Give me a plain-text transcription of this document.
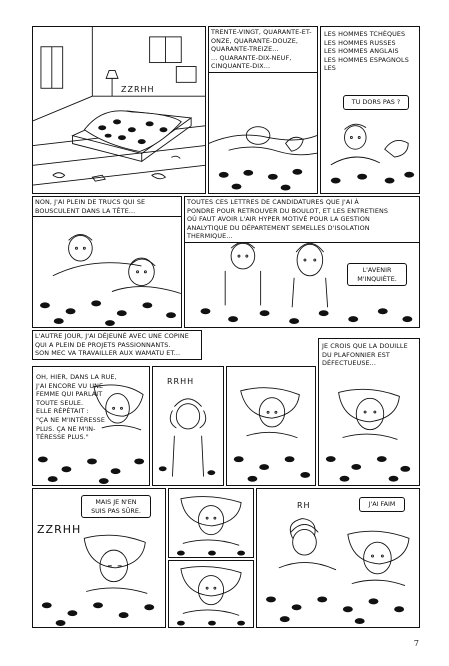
ZZRHH
TRENTE-VINGT, QUARANTE-ET-
ONZE, QUARANTE-DOUZE,
QUARANTE-TREIZE...
... QUARANTE-DIX-NEUF,
CINQUANTE-DIX...
LES HOMMES TCHÈQUES
LES HOMMES RUSSES
LES HOMMES ANGLAIS
LES HOMMES ESPAGNOLS
LES
TU DORS PAS ?
NON, J'AI PLEIN DE TRUCS QUI SE
BOUSCULENT DANS LA TÊTE...
TOUTES CES LETTRES DE CANDIDATURES QUE J'AI À
PONDRE POUR RETROUVER DU BOULOT, ET LES ENTRETIENS
OÙ FAUT AVOIR L'AIR HYPER MOTIVÉ POUR LA GESTION
ANALYTIQUE DU DÉPARTEMENT SEMELLES D'ISOLATION
THERMIQUE...
L'AVENIR
M'INQUIÈTE.
L'AUTRE JOUR, J'AI DÉJEUNÉ AVEC UNE COPINE
QUI A PLEIN DE PROJETS PASSIONNANTS.
SON MEC VA TRAVAILLER AUX WAMATU ET...
OH, HIER, DANS LA RUE,
J'AI ENCORE VU UNE
FEMME QUI PARLAIT
TOUTE SEULE.
ELLE RÉPÉTAIT :
"ÇA NE M'INTÉRESSE
PLUS. ÇA NE M'IN-
TÉRESSE PLUS."
RRHH
JE CROIS QUE LA DOUILLE
DU PLAFONNIER EST
DÉFECTUEUSE...
ZZRHH
MAIS JE N'EN
SUIS PAS SÛRE.
RH	J'AI FAIM
7
